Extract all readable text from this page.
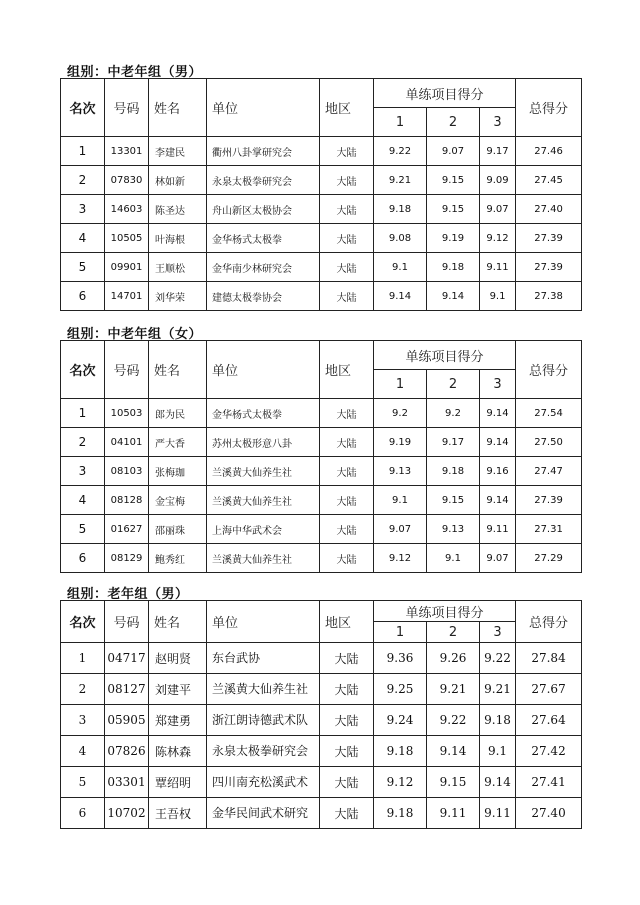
组别：中老年组（男）
名次	号码	姓名	单位	地区	单练项目得分			总得分
					1	2	3	
1	13301	李建民	衢州八卦掌研究会	大陆	9.22	9.07	9.17	27.46
2	07830	林如新	永泉太极拳研究会	大陆	9.21	9.15	9.09	27.45
3	14603	陈圣达	舟山新区太极协会	大陆	9.18	9.15	9.07	27.40
4	10505	叶海根	金华杨式太极拳	大陆	9.08	9.19	9.12	27.39
5	09901	王顺松	金华南少林研究会	大陆	9.1	9.18	9.11	27.39
6	14701	刘华荣	建德太极拳协会	大陆	9.14	9.14	9.1	27.38
组别：中老年组（女）
名次	号码	姓名	单位	地区	单练项目得分			总得分
					1	2	3	
1	10503	郎为民	金华杨式太极拳	大陆	9.2	9.2	9.14	27.54
2	04101	严大香	苏州太极形意八卦	大陆	9.19	9.17	9.14	27.50
3	08103	张梅珈	兰溪黄大仙养生社	大陆	9.13	9.18	9.16	27.47
4	08128	金宝梅	兰溪黄大仙养生社	大陆	9.1	9.15	9.14	27.39
5	01627	邵丽珠	上海中华武术会	大陆	9.07	9.13	9.11	27.31
6	08129	鲍秀红	兰溪黄大仙养生社	大陆	9.12	9.1	9.07	27.29
组别：老年组（男）
名次	号码	姓名	单位	地区	单练项目得分			总得分
					1	2	3	
1	04717	赵明贤	东台武协	大陆	9.36	9.26	9.22	27.84
2	08127	刘建平	兰溪黄大仙养生社	大陆	9.25	9.21	9.21	27.67
3	05905	郑建勇	浙江朗诗德武术队	大陆	9.24	9.22	9.18	27.64
4	07826	陈林森	永泉太极拳研究会	大陆	9.18	9.14	9.1	27.42
5	03301	覃绍明	四川南充松溪武术	大陆	9.12	9.15	9.14	27.41
6	10702	王吾权	金华民间武术研究	大陆	9.18	9.11	9.11	27.40
